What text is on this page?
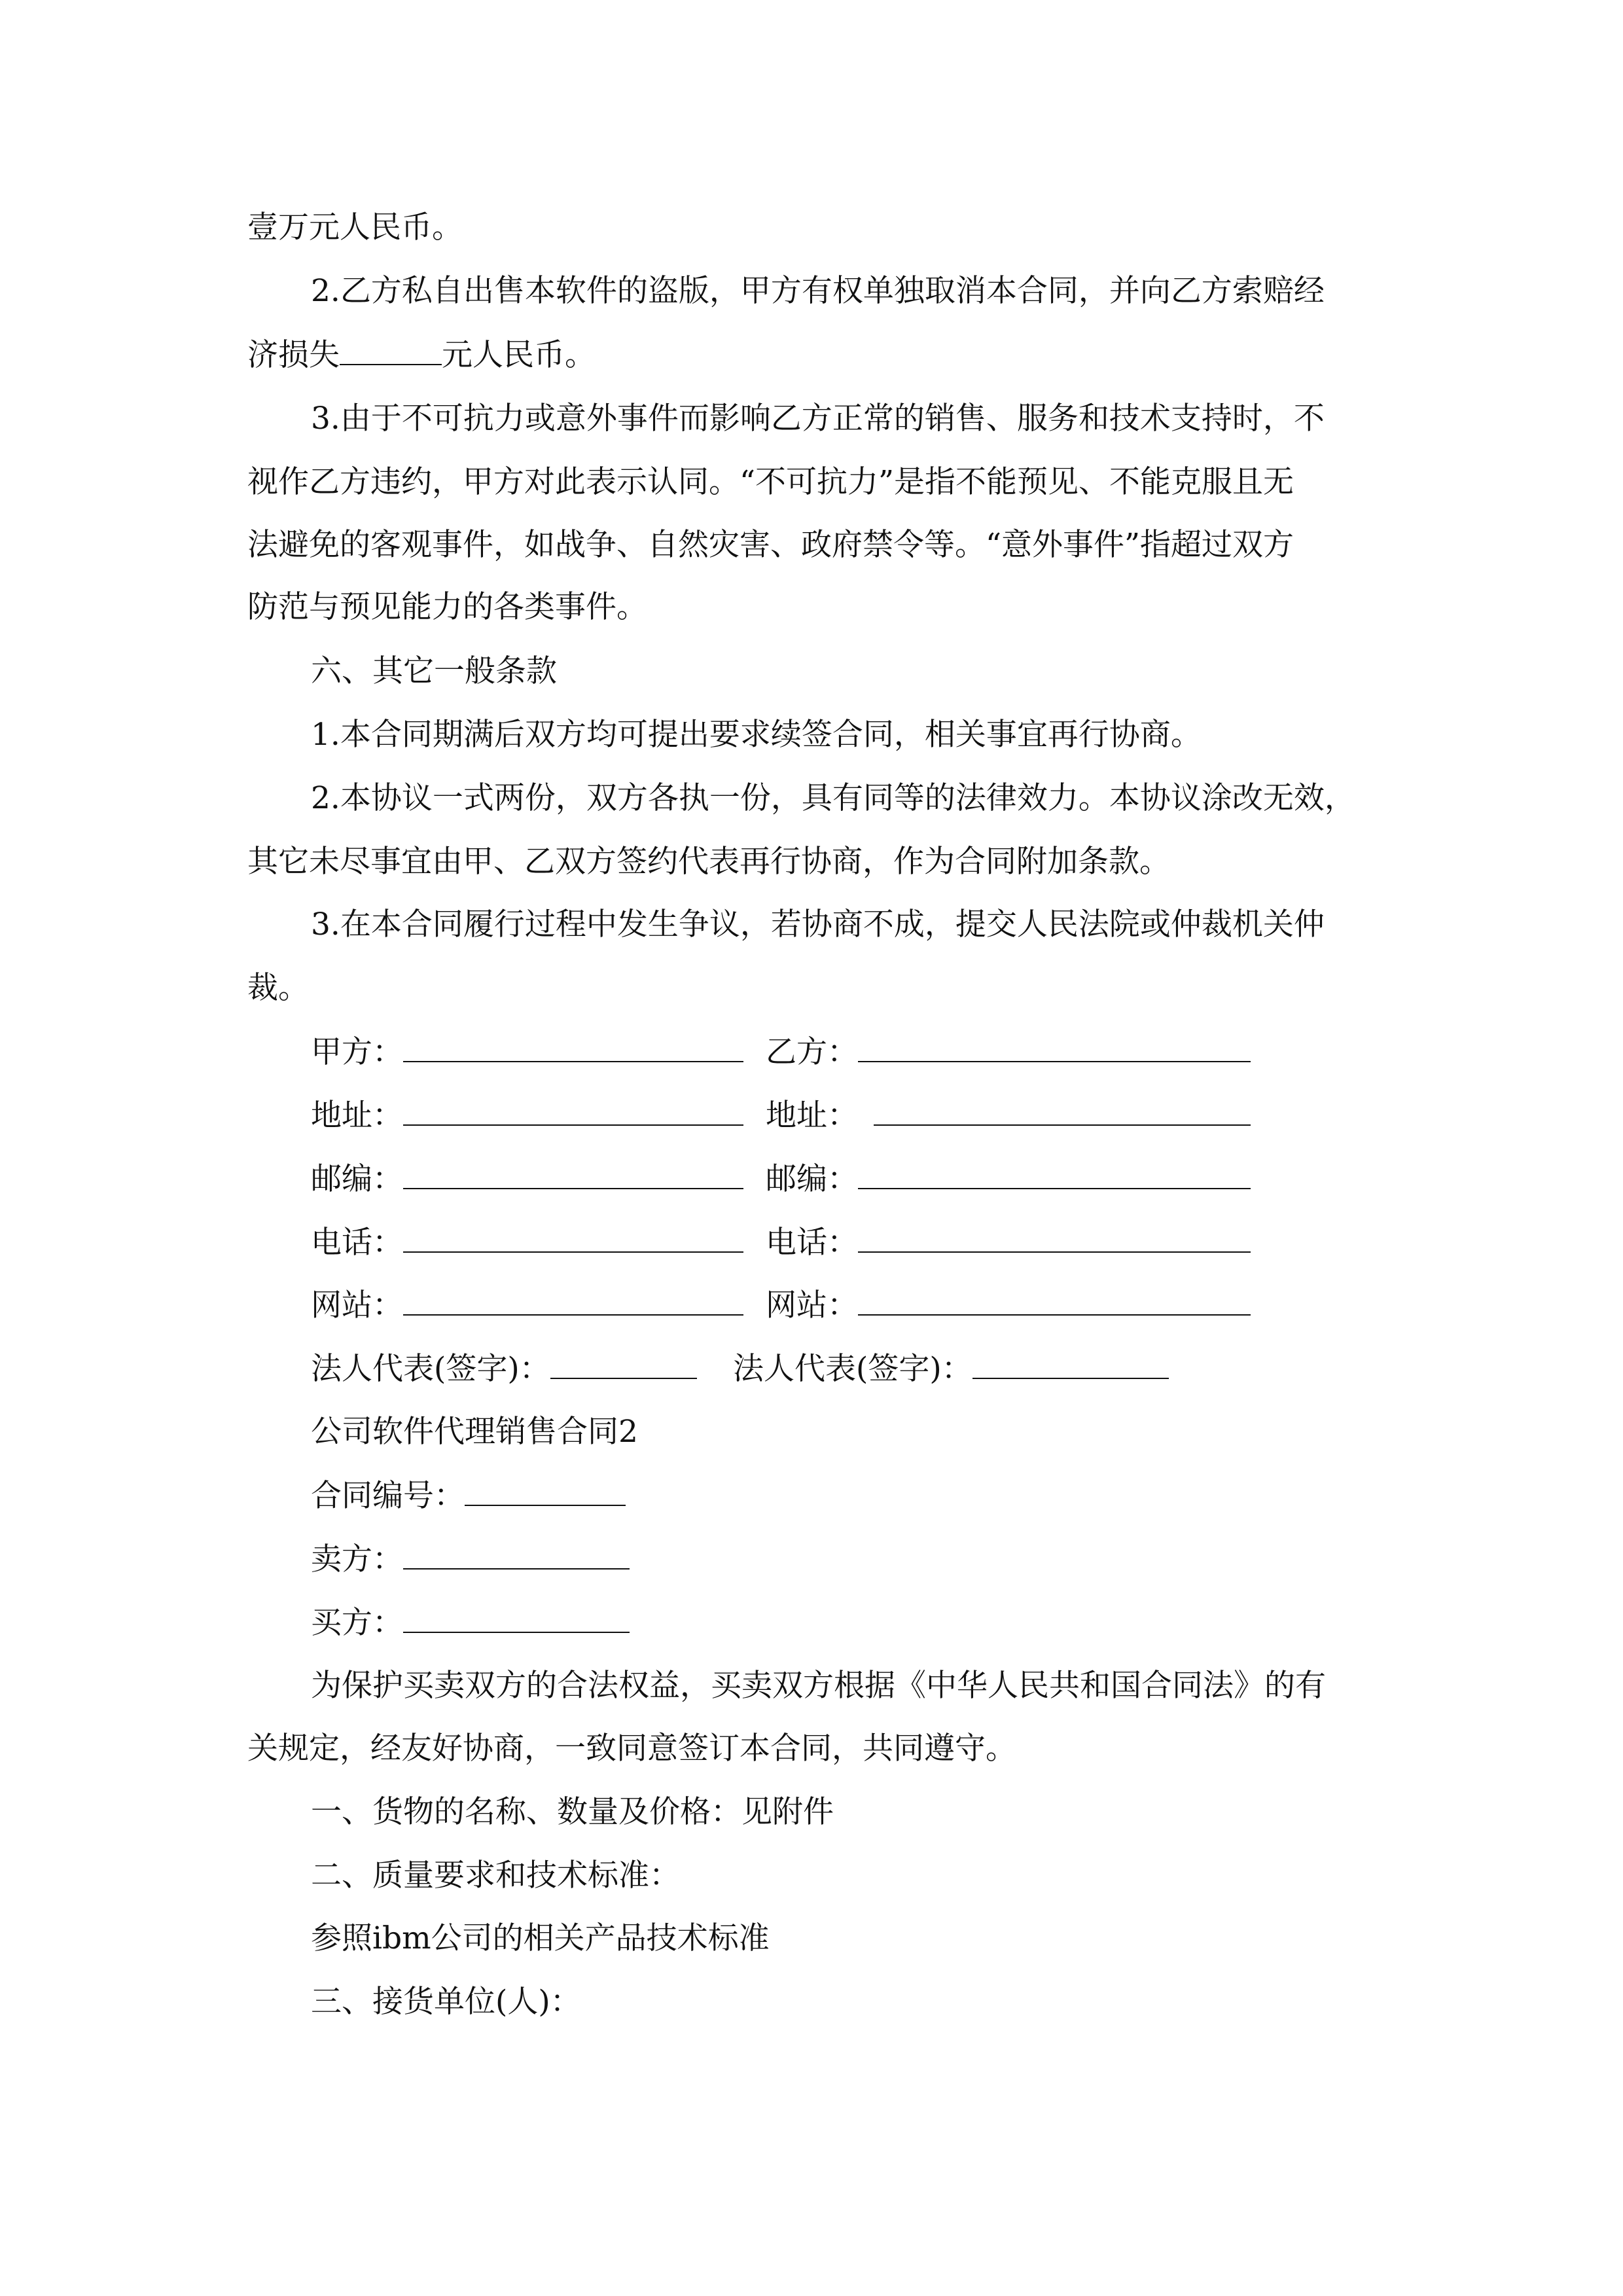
壹万元人民币。
2.乙方私自出售本软件的盗版，甲方有权单独取消本合同，并向乙方索赔经
济损失	元人民币。
3.由于不可抗力或意外事件而影响乙方正常的销售、服务和技术支持时，不
视作乙方违约，甲方对此表示认同。“不可抗力”是指不能预见、不能克服且无
法避免的客观事件，如战争、自然灾害、政府禁令等。“意外事件”指超过双方
防范与预见能力的各类事件。
六、其它一般条款
1.本合同期满后双方均可提出要求续签合同，相关事宜再行协商。
2.本协议一式两份，双方各执一份，具有同等的法律效力。本协议涂改无效，
其它未尽事宜由甲、乙双方签约代表再行协商，作为合同附加条款。
3.在本合同履行过程中发生争议，若协商不成，提交人民法院或仲裁机关仲
裁。
甲方：	乙方：
地址：	地址：
邮编：	邮编：
电话：	电话：
网站：	网站：
法人代表(签字)：	法人代表(签字)：
公司软件代理销售合同2
合同编号：
卖方：
买方：
为保护买卖双方的合法权益，买卖双方根据《中华人民共和国合同法》的有
关规定，经友好协商，一致同意签订本合同，共同遵守。
一、货物的名称、数量及价格：见附件
二、质量要求和技术标准：
参照ibm公司的相关产品技术标准
三、接货单位(人)：
